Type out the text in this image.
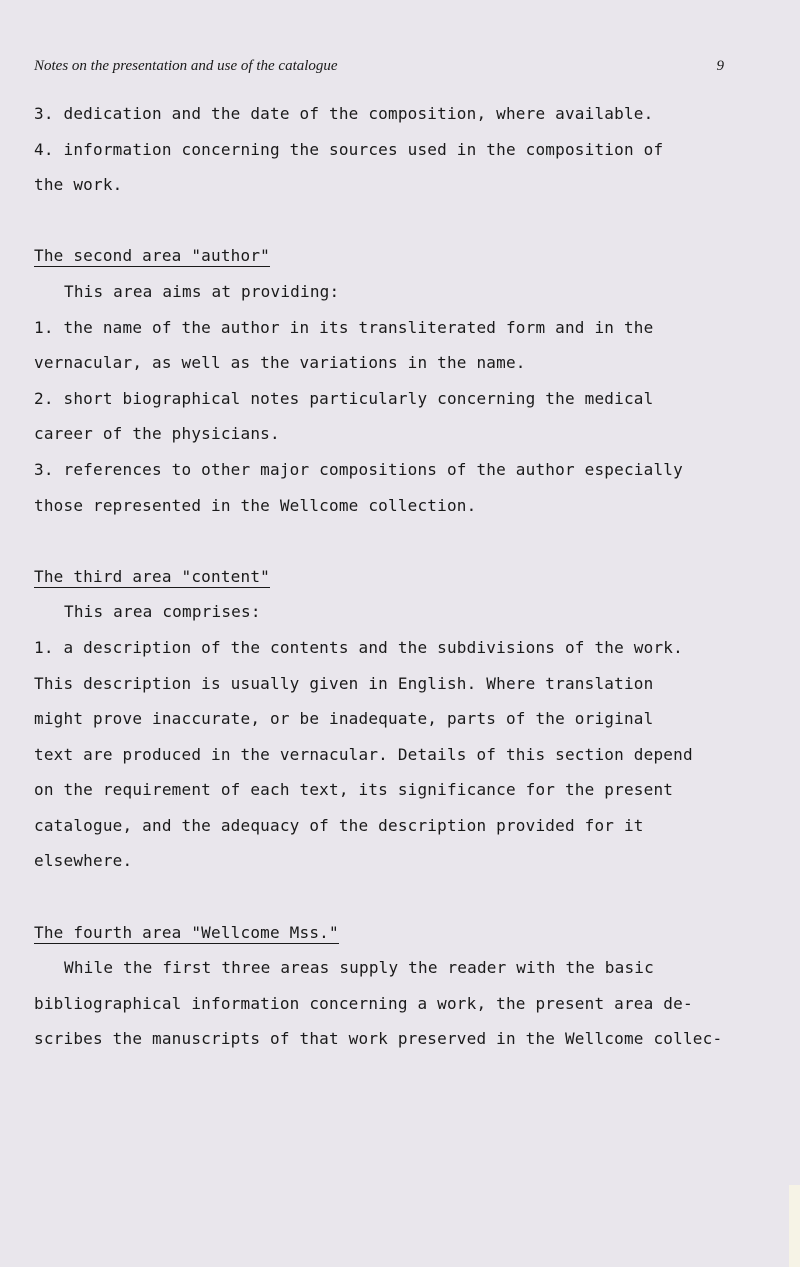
Notes on the presentation and use of the catalogue	9
3. dedication and the date of the composition, where available.
4. information concerning the sources used in the composition of
the work.
The second area "author"
This area aims at providing:
1. the name of the author in its transliterated form and in the
vernacular, as well as the variations in the name.
2. short biographical notes particularly concerning the medical
career of the physicians.
3. references to other major compositions of the author especially
those represented in the Wellcome collection.
The third area "content"
This area comprises:
1. a description of the contents and the subdivisions of the work.
This description is usually given in English. Where translation
might prove inaccurate, or be inadequate, parts of the original
text are produced in the vernacular. Details of this section depend
on the requirement of each text, its significance for the present
catalogue, and the adequacy of the description provided for it
elsewhere.
The fourth area "Wellcome Mss."
While the first three areas supply the reader with the basic
bibliographical information concerning a work, the present area de-
scribes the manuscripts of that work preserved in the Wellcome collec-
